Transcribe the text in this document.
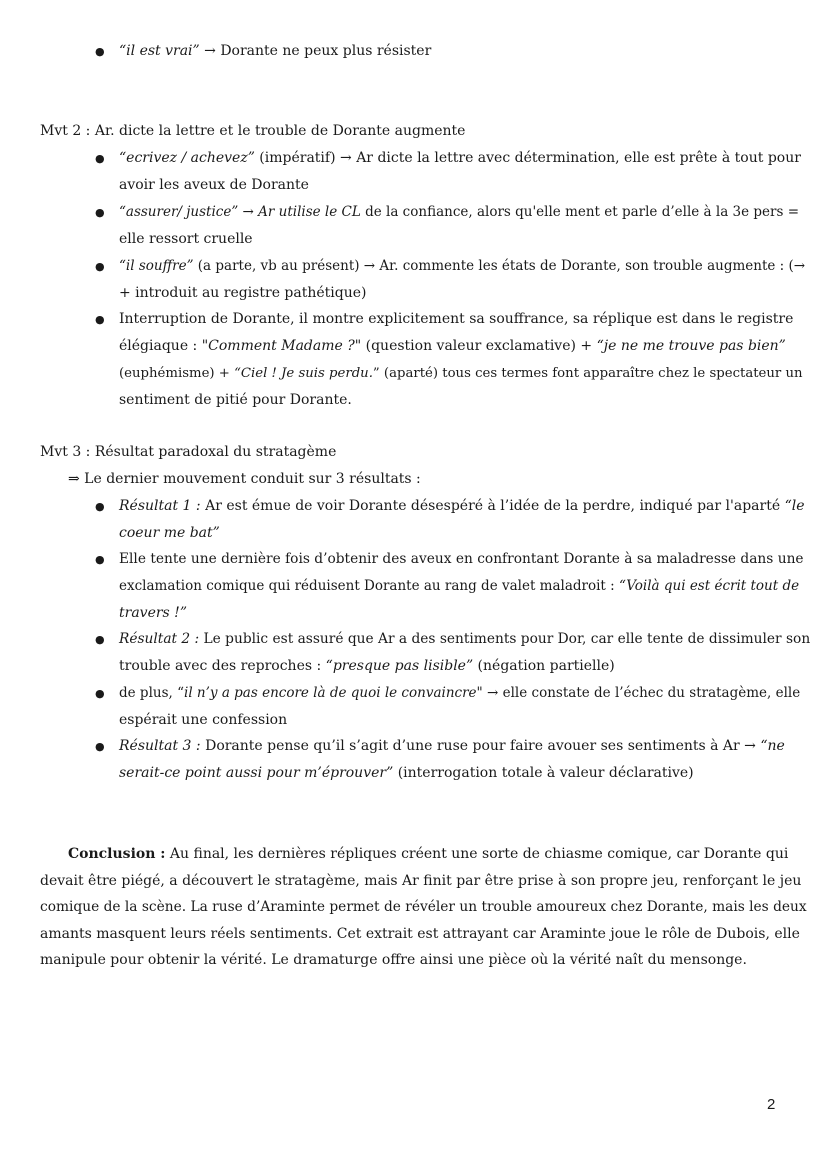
● “il est vrai” → Dorante ne peux plus résister
Mvt 2 : Ar. dicte la lettre et le trouble de Dorante augmente
● “ecrivez / achevez” (impératif) → Ar dicte la lettre avec détermination, elle est prête à tout pour
avoir les aveux de Dorante
● “assurer/ justice” → Ar utilise le CL de la confiance, alors qu'elle ment et parle d’elle à la 3e pers =
elle ressort cruelle
● “il souffre” (a parte, vb au présent) → Ar. commente les états de Dorante, son trouble augmente : (→
+ introduit au registre pathétique)
● Interruption de Dorante, il montre explicitement sa souffrance, sa réplique est dans le registre
élégiaque : "Comment Madame ?" (question valeur exclamative) + “je ne me trouve pas bien”
(euphémisme) + “Ciel ! Je suis perdu.” (aparté) tous ces termes font apparaître chez le spectateur un
sentiment de pitié pour Dorante.
Mvt 3 : Résultat paradoxal du stratagème
⇒ Le dernier mouvement conduit sur 3 résultats :
● Résultat 1 : Ar est émue de voir Dorante désespéré à l’idée de la perdre, indiqué par l'aparté “le
coeur me bat”
● Elle tente une dernière fois d’obtenir des aveux en confrontant Dorante à sa maladresse dans une
exclamation comique qui réduisent Dorante au rang de valet maladroit : “Voilà qui est écrit tout de
travers !”
● Résultat 2 : Le public est assuré que Ar a des sentiments pour Dor, car elle tente de dissimuler son
trouble avec des reproches : “presque pas lisible” (négation partielle)
● de plus, “il n’y a pas encore là de quoi le convaincre" → elle constate de l’échec du stratagème, elle
espérait une confession
● Résultat 3 : Dorante pense qu’il s’agit d’une ruse pour faire avouer ses sentiments à Ar → “ne
serait-ce point aussi pour m’éprouver” (interrogation totale à valeur déclarative)
Conclusion : Au final, les dernières répliques créent une sorte de chiasme comique, car Dorante qui
devait être piégé, a découvert le stratagème, mais Ar finit par être prise à son propre jeu, renforçant le jeu
comique de la scène. La ruse d’Araminte permet de révéler un trouble amoureux chez Dorante, mais les deux
amants masquent leurs réels sentiments. Cet extrait est attrayant car Araminte joue le rôle de Dubois, elle
manipule pour obtenir la vérité. Le dramaturge offre ainsi une pièce où la vérité naît du mensonge.
2
